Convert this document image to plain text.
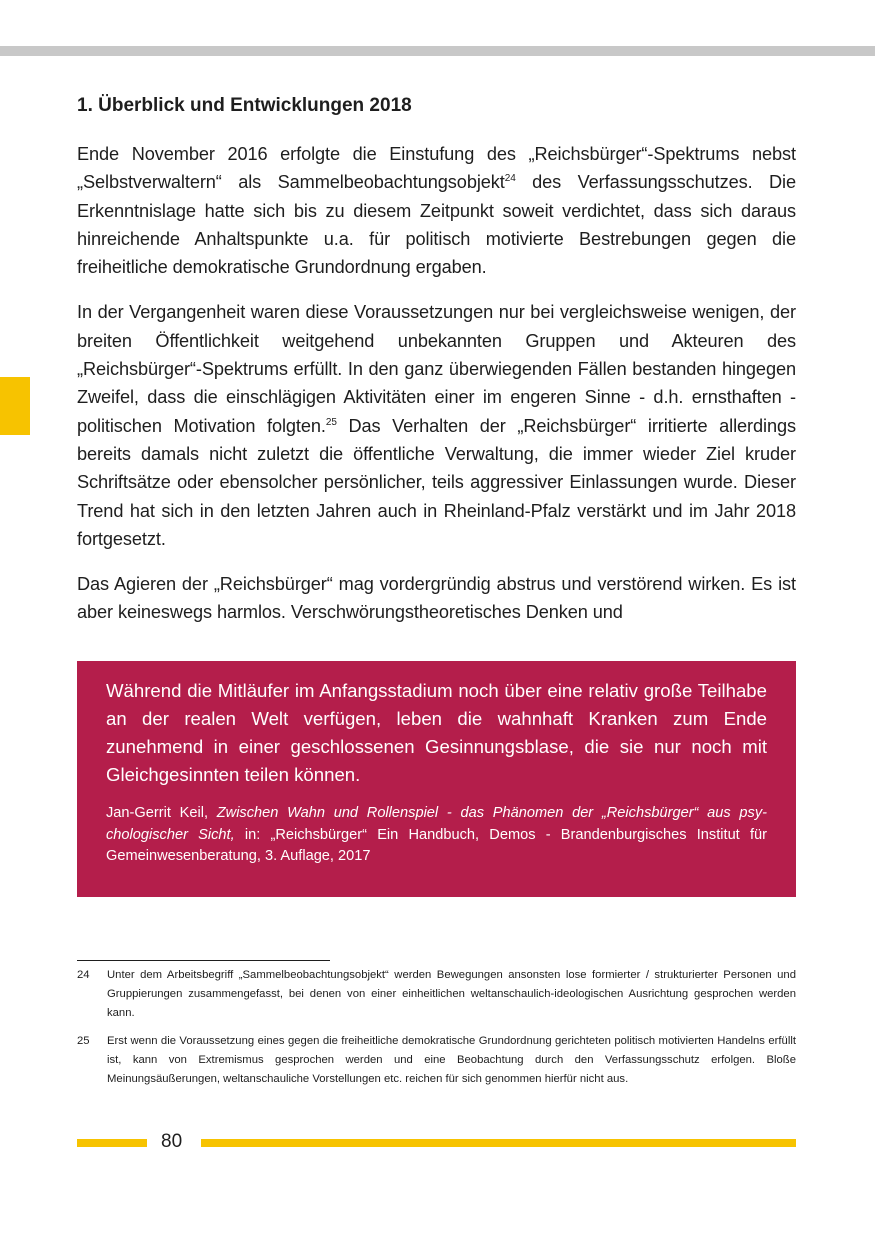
1. Überblick und Entwicklungen 2018

Ende November 2016 erfolgte die Einstufung des „Reichsbürger“-Spektrums nebst „Selbstverwaltern“ als Sammelbeobachtungsobjekt$^{24}$ des Verfassungsschutzes. Die Erkenntnislage hatte sich bis zu diesem Zeitpunkt soweit verdichtet, dass sich daraus hinreichende Anhaltspunkte u.a. für politisch motivierte Bestrebungen gegen die freiheitliche demokratische Grundordnung ergaben.

In der Vergangenheit waren diese Voraussetzungen nur bei vergleichsweise wenigen, der breiten Öffentlichkeit weitgehend unbekannten Gruppen und Akteuren des „Reichsbürger“-Spektrums erfüllt. In den ganz überwiegenden Fällen bestanden hingegen Zweifel, dass die einschlägigen Aktivitäten einer im engeren Sinne - d.h. ernsthaften - politischen Motivation folgten.$^{25}$ Das Verhalten der „Reichsbürger“ irritierte allerdings bereits damals nicht zuletzt die öffentliche Verwaltung, die immer wieder Ziel kruder Schriftsätze oder ebensolcher persönlicher, teils aggressiver Einlassungen wurde. Dieser Trend hat sich in den letzten Jahren auch in Rheinland-Pfalz verstärkt und im Jahr 2018 fortgesetzt.

Das Agieren der „Reichsbürger“ mag vordergründig abstrus und verstörend wirken. Es ist aber keineswegs harmlos. Verschwörungstheoretisches Denken und

Während die Mitläufer im Anfangsstadium noch über eine relativ große Teilhabe an der realen Welt verfügen, leben die wahnhaft Kranken zum Ende zunehmend in einer geschlossenen Gesinnungsblase, die sie nur noch mit Gleichgesinnten teilen können.

Jan-Gerrit Keil, Zwischen Wahn und Rollenspiel - das Phänomen der „Reichsbürger“ aus psychologischer Sicht, in: „Reichsbürger“ Ein Handbuch, Demos - Brandenburgisches Institut für Gemeinwesenberatung, 3. Auflage, 2017

24	Unter dem Arbeitsbegriff „Sammelbeobachtungsobjekt“ werden Bewegungen ansonsten lose formierter / strukturierter Personen und Gruppierungen zusammengefasst, bei denen von einer einheitlichen weltanschaulich-ideologischen Ausrichtung gesprochen werden kann.
25	Erst wenn die Voraussetzung eines gegen die freiheitliche demokratische Grundordnung gerichteten politisch motivierten Handelns erfüllt ist, kann von Extremismus gesprochen werden und eine Beobachtung durch den Verfassungsschutz erfolgen. Bloße Meinungsäußerungen, weltanschauliche Vorstellungen etc. reichen für sich genommen hierfür nicht aus.
80
